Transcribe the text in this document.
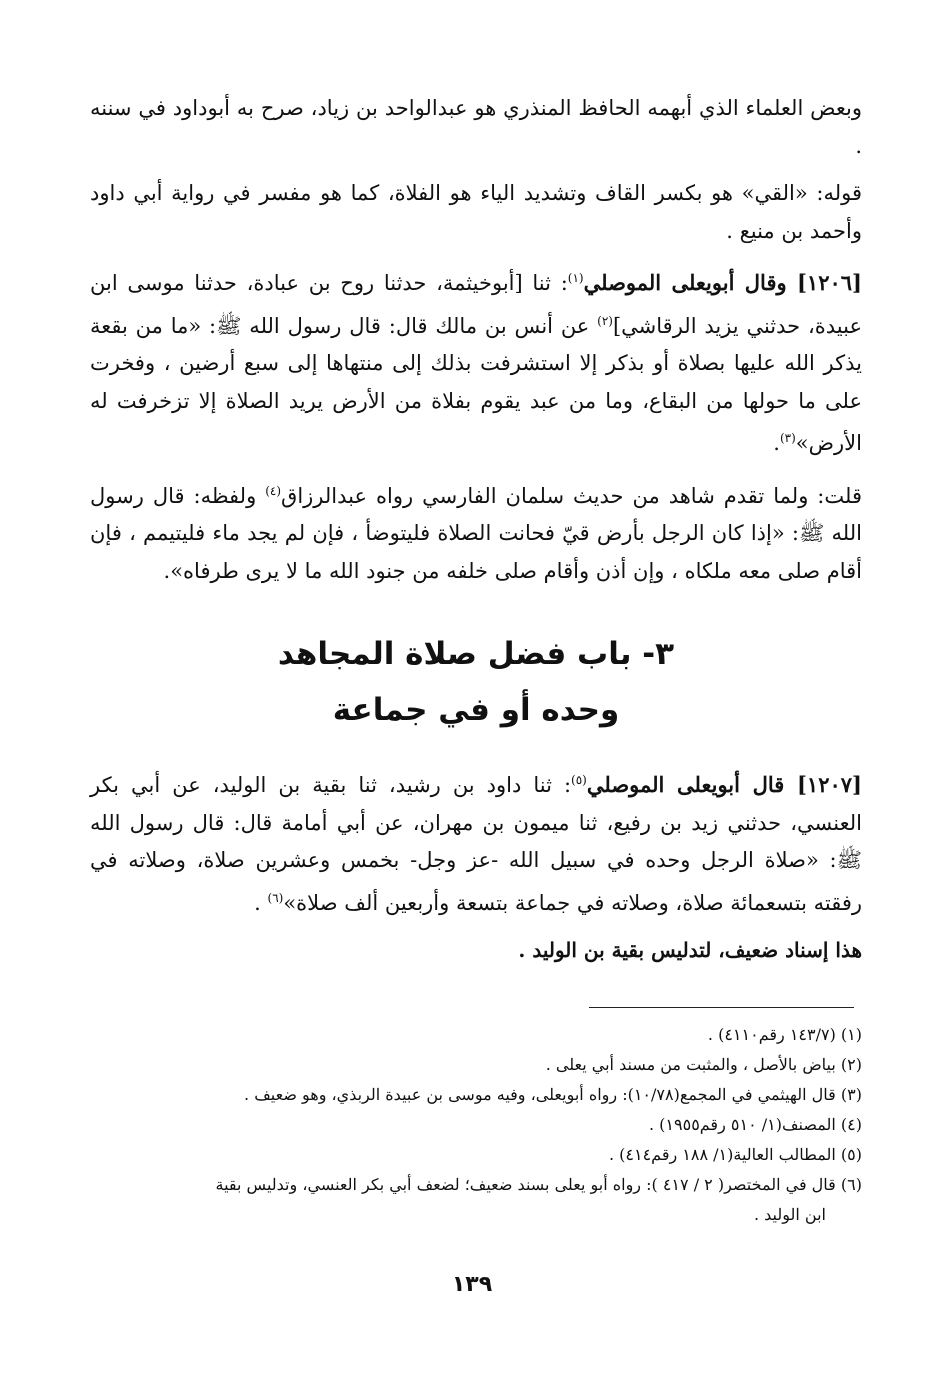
وبعض العلماء الذي أبهمه الحافظ المنذري هو عبدالواحد بن زياد، صرح به أبوداود في سننه .

قوله: «القي» هو بكسر القاف وتشديد الياء هو الفلاة، كما هو مفسر في رواية أبي داود وأحمد بن منيع .

[١٢٠٦] وقال أبويعلى الموصلي$^{(١)}$: ثنا [أبوخيثمة، حدثنا روح بن عبادة، حدثنا موسى ابن عبيدة، حدثني يزيد الرقاشي]$^{(٢)}$ عن أنس بن مالك قال: قال رسول الله ﷺ: «ما من بقعة يذكر الله عليها بصلاة أو بذكر إلا استشرفت بذلك إلى منتهاها إلى سبع أرضين ، وفخرت على ما حولها من البقاع، وما من عبد يقوم بفلاة من الأرض يريد الصلاة إلا تزخرفت له الأرض»$^{(٣)}$.

قلت: ولما تقدم شاهد من حديث سلمان الفارسي رواه عبدالرزاق$^{(٤)}$ ولفظه: قال رسول الله ﷺ: «إذا كان الرجل بأرض قيّ فحانت الصلاة فليتوضأ ، فإن لم يجد ماء فليتيمم ، فإن أقام صلى معه ملكاه ، وإن أذن وأقام صلى خلفه من جنود الله ما لا يرى طرفاه».

٣- باب فضل صلاة المجاهد
وحده أو في جماعة

[١٢٠٧] قال أبويعلى الموصلي$^{(٥)}$: ثنا داود بن رشيد، ثنا بقية بن الوليد، عن أبي بكر العنسي، حدثني زيد بن رفيع، ثنا ميمون بن مهران، عن أبي أمامة قال: قال رسول الله ﷺ: «صلاة الرجل وحده في سبيل الله -عز وجل- بخمس وعشرين صلاة، وصلاته في رفقته بتسعمائة صلاة، وصلاته في جماعة بتسعة وأربعين ألف صلاة»$^{(٦)}$ .

هذا إسناد ضعيف، لتدليس بقية بن الوليد .

(١) (١٤٣/٧ رقم٤١١٠) .

(٢) بياض بالأصل ، والمثبت من مسند أبي يعلى .

(٣) قال الهيثمي في المجمع(١٠/٧٨): رواه أبويعلى، وفيه موسى بن عبيدة الربذي، وهو ضعيف .

(٤) المصنف(١/ ٥١٠ رقم١٩٥٥) .

(٥) المطالب العالية(١/ ١٨٨ رقم٤١٤) .

(٦) قال في المختصر( ٢ / ٤١٧ ): رواه أبو يعلى بسند ضعيف؛ لضعف أبي بكر العنسي، وتدليس بقية
ابن الوليد .

١٣٩
